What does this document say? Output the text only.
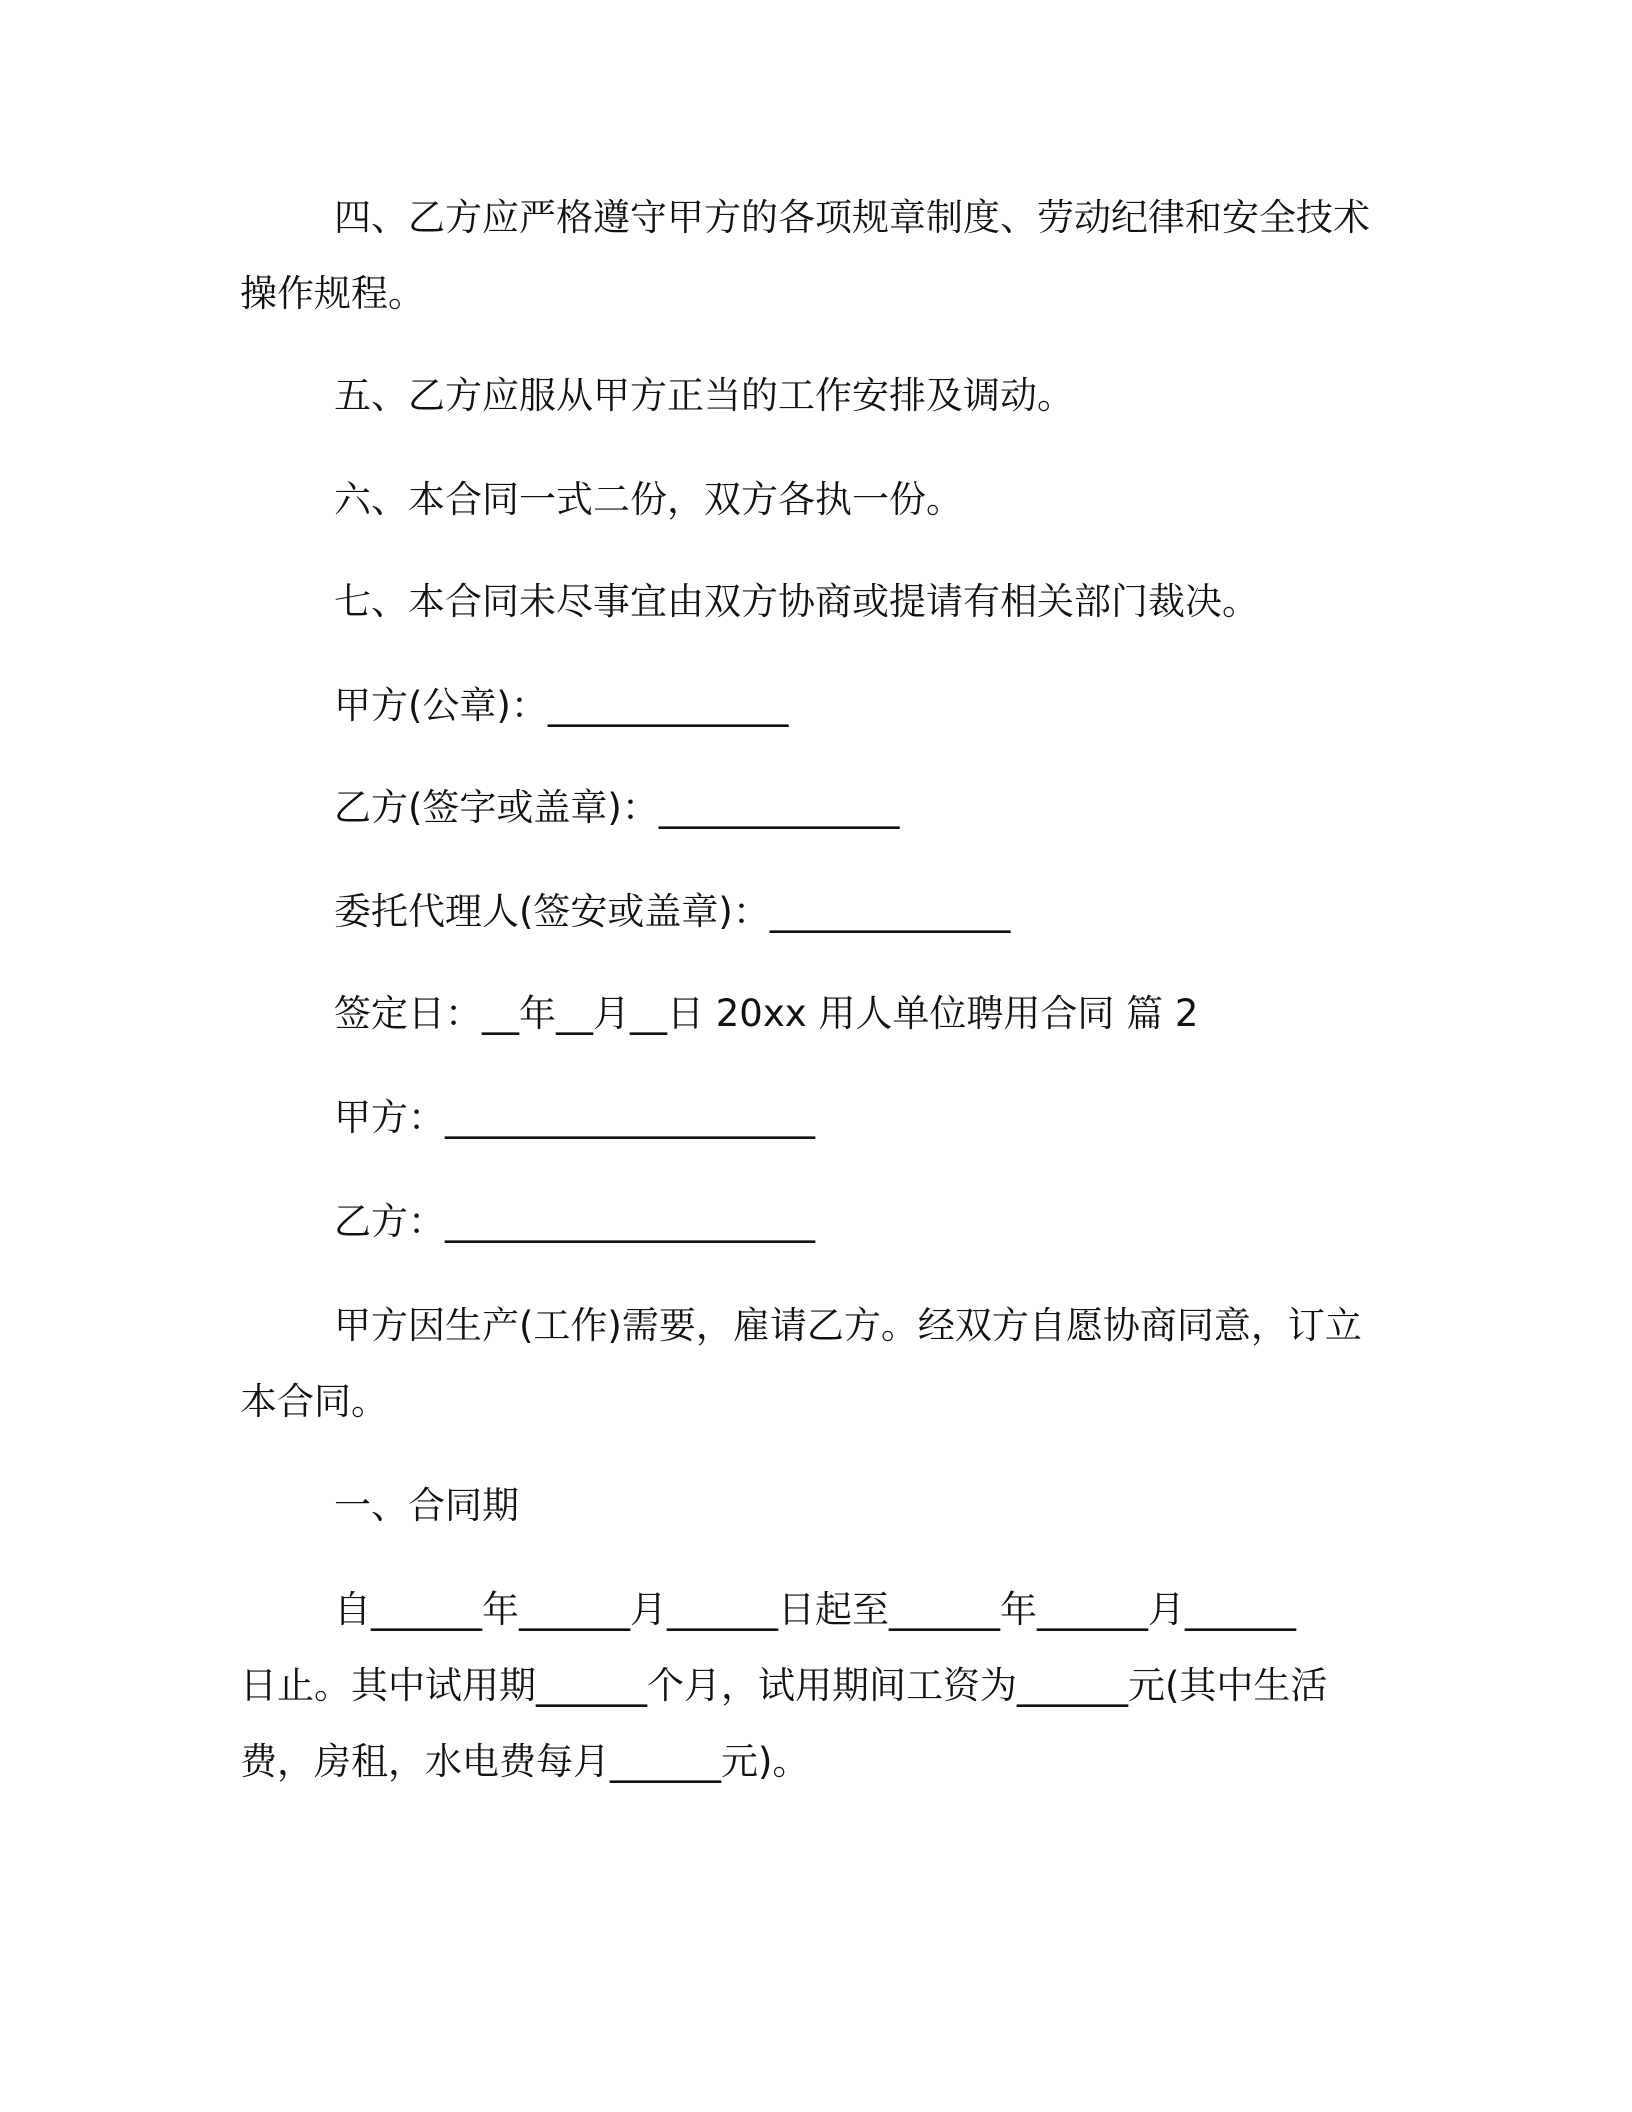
四、乙方应严格遵守甲方的各项规章制度、劳动纪律和安全技术
操作规程。
五、乙方应服从甲方正当的工作安排及调动。
六、本合同一式二份，双方各执一份。
七、本合同未尽事宜由双方协商或提请有相关部门裁决。
甲方(公章)：_____________
乙方(签字或盖章)：_____________
委托代理人(签安或盖章)：_____________
签定日：__年__月__日 20xx 用人单位聘用合同 篇 2
甲方：____________________
乙方：____________________
甲方因生产(工作)需要，雇请乙方。经双方自愿协商同意，订立
本合同。
一、合同期
自______年______月______日起至______年______月______
日止。其中试用期______个月，试用期间工资为______元(其中生活
费，房租，水电费每月______元)。
